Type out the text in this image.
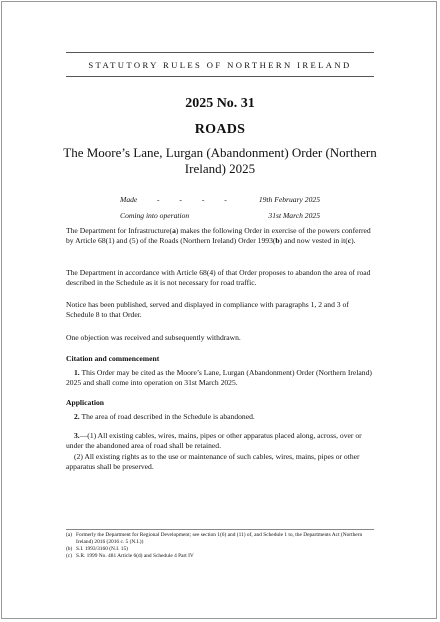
STATUTORY RULES OF NORTHERN IRELAND
2025 No. 31
ROADS
The Moore’s Lane, Lurgan (Abandonment) Order (Northern Ireland) 2025
Made	- - - -	19th February 2025
Coming into operation	31st March 2025

The Department for Infrastructure(a) makes the following Order in exercise of the powers conferred by Article 68(1) and (5) of the Roads (Northern Ireland) Order 1993(b) and now vested in it(c).

The Department in accordance with Article 68(4) of that Order proposes to abandon the area of road described in the Schedule as it is not necessary for road traffic.

Notice has been published, served and displayed in compliance with paragraphs 1, 2 and 3 of Schedule 8 to that Order.

One objection was received and subsequently withdrawn.

Citation and commencement

1. This Order may be cited as the Moore’s Lane, Lurgan (Abandonment) Order (Northern Ireland) 2025 and shall come into operation on 31st March 2025.

Application

2. The area of road described in the Schedule is abandoned.

3.—(1) All existing cables, wires, mains, pipes or other apparatus placed along, across, over or under the abandoned area of road shall be retained.

(2) All existing rights as to the use or maintenance of such cables, wires, mains, pipes or other apparatus shall be preserved.

(a) Formerly the Department for Regional Development; see section 1(6) and (11) of, and Schedule 1 to, the Departments Act (Northern Ireland) 2016 (2016 c. 5 (N.I.))
(b) S.I. 1993/3160 (N.I. 15)
(c) S.R. 1999 No. 481 Article 6(d) and Schedule 4 Part IV
